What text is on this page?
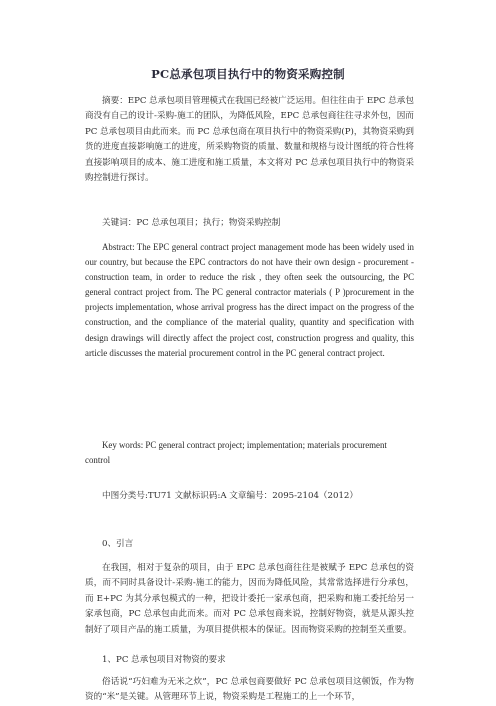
PC总承包项目执行中的物资采购控制

摘要：EPC 总承包项目管理模式在我国已经被广泛运用。但往往由于 EPC 总承包商没有自己的设计-采购-施工的团队，为降低风险，EPC 总承包商往往寻求外包，因而 PC 总承包项目由此而来。而 PC 总承包商在项目执行中的物资采购(P)，其物资采购到货的进度直接影响施工的进度，所采购物资的质量、数量和规格与设计图纸的符合性将直接影响项目的成本、施工进度和施工质量，本文将对 PC 总承包项目执行中的物资采购控制进行探讨。

关键词：PC 总承包项目；执行；物资采购控制

Abstract: The EPC general contract project management mode has been widely used in our country, but because the EPC contractors do not have their own design - procurement - construction team, in order to reduce the risk , they often seek the outsourcing, the PC general contract project from. The PC general contractor materials ( P )procurement in the projects implementation, whose arrival progress has the direct impact on the progress of the construction, and the compliance of the material quality, quantity and specification with design drawings will directly affect the project cost, construction progress and quality, this article discusses the material procurement control in the PC general contract project.

Key words: PC general contract project; implementation; materials procurement control

中图分类号:TU71 文献标识码:A 文章编号：2095-2104（2012）

0、引言

在我国，相对于复杂的项目，由于 EPC 总承包商往往是被赋予 EPC 总承包的资质，而不同时具备设计-采购-施工的能力，因而为降低风险，其常常选择进行分承包，而 E+PC 为其分承包模式的一种，把设计委托一家承包商，把采购和施工委托给另一家承包商，PC 总承包由此而来。而对 PC 总承包商来说，控制好物资，就是从源头控制好了项目产品的施工质量，为项目提供根本的保证。因而物资采购的控制至关重要。

1、PC 总承包项目对物资的要求

俗话说“巧妇难为无米之炊”，PC 总承包商要做好 PC 总承包项目这顿饭，作为物资的“米”是关键。从管理环节上说，物资采购是工程施工的上一个环节，
